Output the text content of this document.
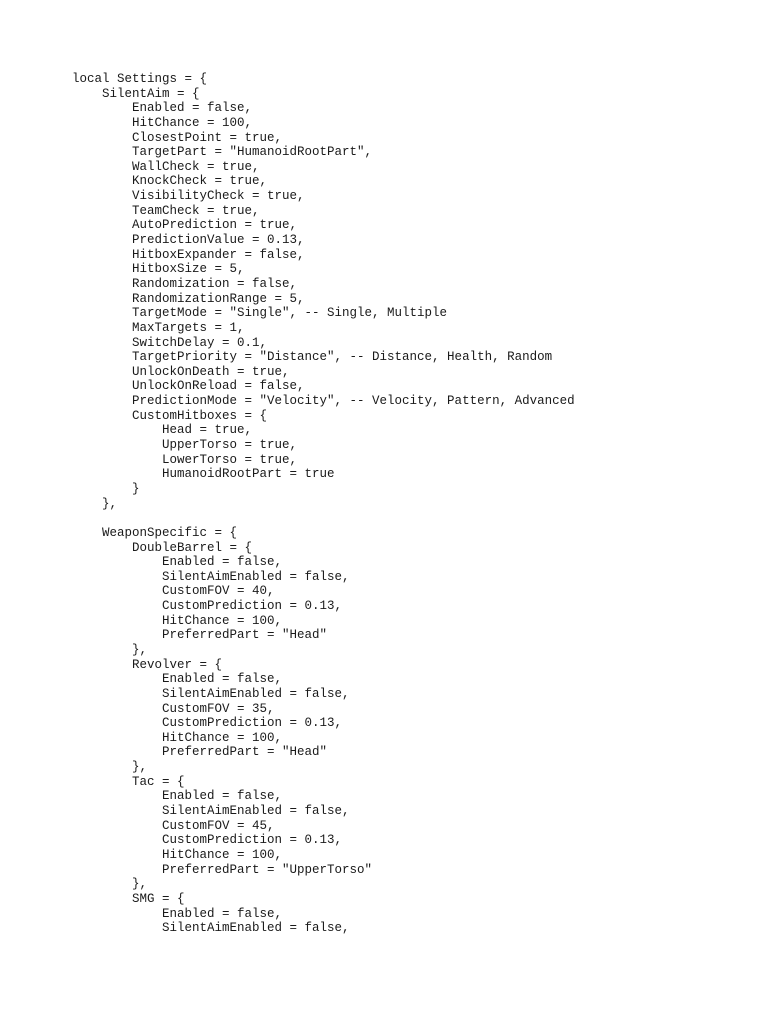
local Settings = {
SilentAim = {
Enabled = false,
HitChance = 100,
ClosestPoint = true,
TargetPart = "HumanoidRootPart",
WallCheck = true,
KnockCheck = true,
VisibilityCheck = true,
TeamCheck = true,
AutoPrediction = true,
PredictionValue = 0.13,
HitboxExpander = false,
HitboxSize = 5,
Randomization = false,
RandomizationRange = 5,
TargetMode = "Single", -- Single, Multiple
MaxTargets = 1,
SwitchDelay = 0.1,
TargetPriority = "Distance", -- Distance, Health, Random
UnlockOnDeath = true,
UnlockOnReload = false,
PredictionMode = "Velocity", -- Velocity, Pattern, Advanced
CustomHitboxes = {
Head = true,
UpperTorso = true,
LowerTorso = true,
HumanoidRootPart = true
}
},
WeaponSpecific = {
DoubleBarrel = {
Enabled = false,
SilentAimEnabled = false,
CustomFOV = 40,
CustomPrediction = 0.13,
HitChance = 100,
PreferredPart = "Head"
},
Revolver = {
Enabled = false,
SilentAimEnabled = false,
CustomFOV = 35,
CustomPrediction = 0.13,
HitChance = 100,
PreferredPart = "Head"
},
Tac = {
Enabled = false,
SilentAimEnabled = false,
CustomFOV = 45,
CustomPrediction = 0.13,
HitChance = 100,
PreferredPart = "UpperTorso"
},
SMG = {
Enabled = false,
SilentAimEnabled = false,
